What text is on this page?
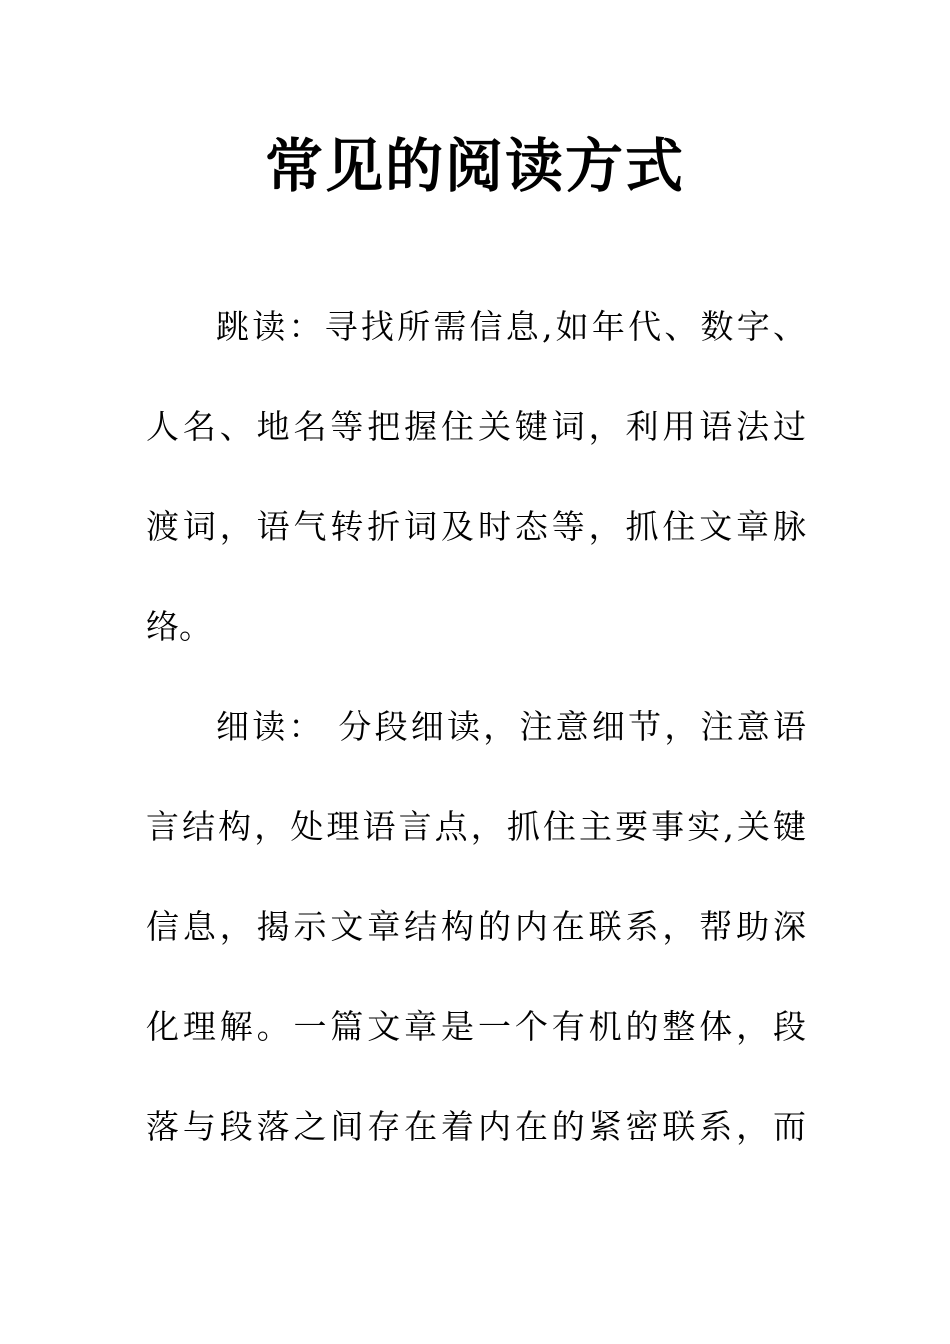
常见的阅读方式

跳读：寻找所需信息,如年代、数字、

人名、地名等把握住关键词，利用语法过

渡词，语气转折词及时态等，抓住文章脉

络。

细读： 分段细读，注意细节，注意语

言结构，处理语言点，抓住主要事实,关键

信息，揭示文章结构的内在联系，帮助深

化理解。一篇文章是一个有机的整体，段

落与段落之间存在着内在的紧密联系，而
